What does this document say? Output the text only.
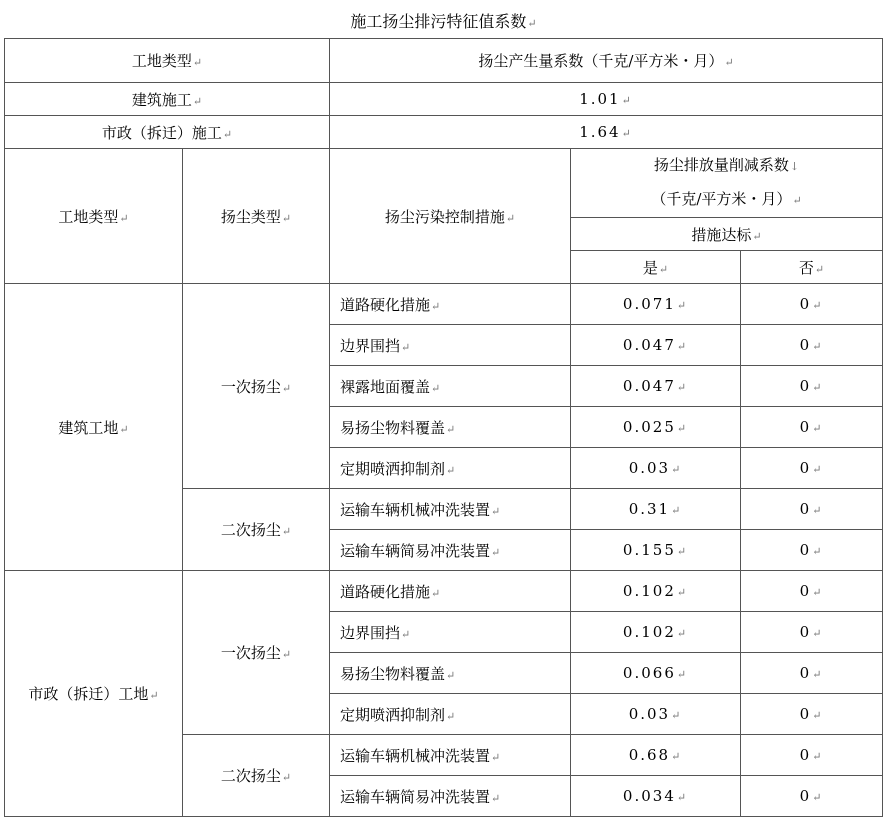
施工扬尘排污特征值系数↵
工地类型↵		扬尘产生量系数（千克/平方米・月）↵		
建筑施工↵		1.01↵		
市政（拆迁）施工↵		1.64↵		
工地类型↵	扬尘类型↵	扬尘污染控制措施↵	扬尘排放量削减系数↓
（千克/平方米・月）↵	

			措施达标↵	
			是↵	否↵
建筑工地↵	一次扬尘↵	道路硬化措施↵	0.071↵	0↵
		边界围挡↵	0.047↵	0↵
		裸露地面覆盖↵	0.047↵	0↵
		易扬尘物料覆盖↵	0.025↵	0↵
		定期喷洒抑制剂↵	0.03↵	0↵
	二次扬尘↵	运输车辆机械冲洗装置↵	0.31↵	0↵
		运输车辆简易冲洗装置↵	0.155↵	0↵
市政（拆迁）工地↵	一次扬尘↵	道路硬化措施↵	0.102↵	0↵
		边界围挡↵	0.102↵	0↵
		易扬尘物料覆盖↵	0.066↵	0↵
		定期喷洒抑制剂↵	0.03↵	0↵
	二次扬尘↵	运输车辆机械冲洗装置↵	0.68↵	0↵
		运输车辆简易冲洗装置↵	0.034↵	0↵
